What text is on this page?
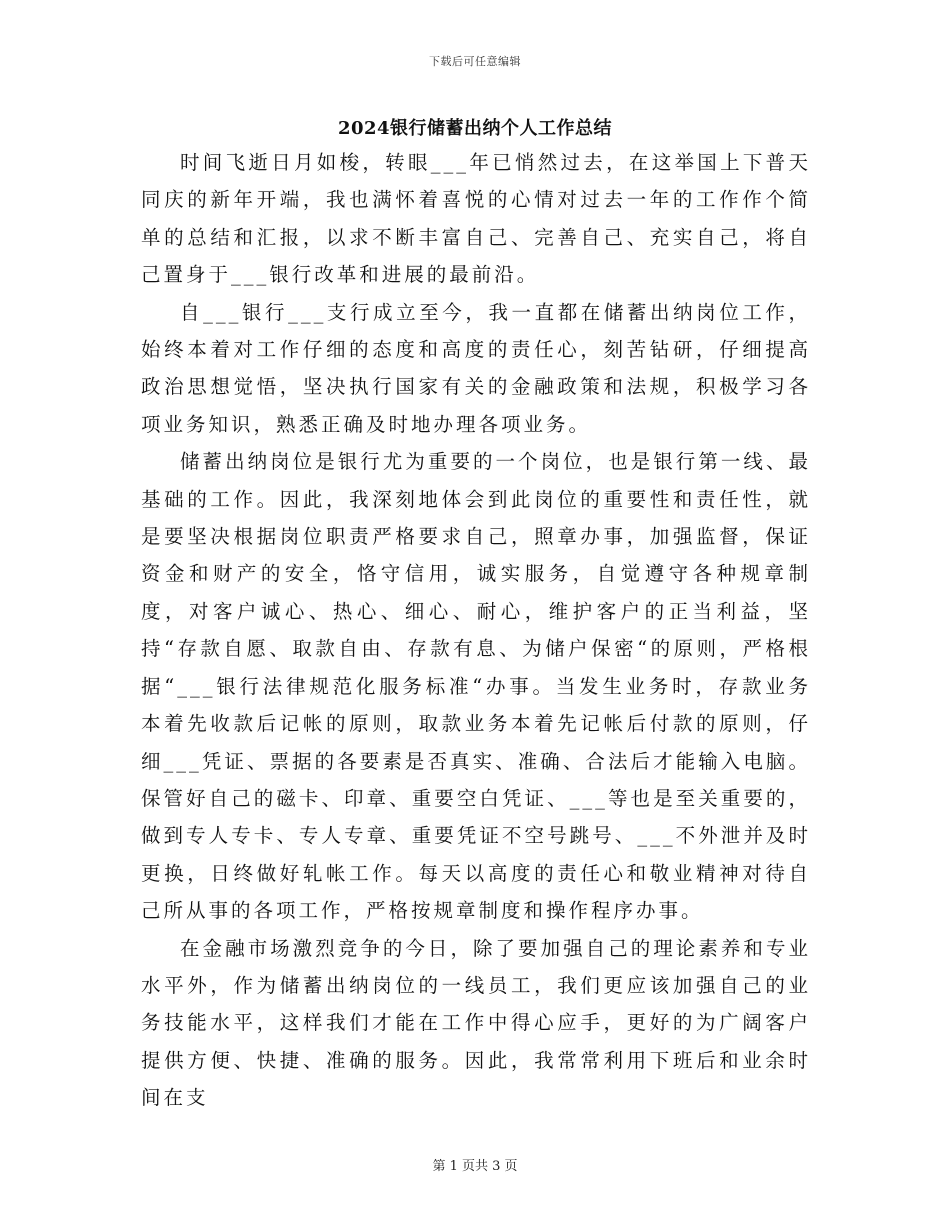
下载后可任意编辑
2024银行储蓄出纳个人工作总结

时间飞逝日月如梭，转眼___年已悄然过去，在这举国上下普天同庆的新年开端，我也满怀着喜悦的心情对过去一年的工作作个简单的总结和汇报，以求不断丰富自己、完善自己、充实自己，将自己置身于___银行改革和进展的最前沿。

自___银行___支行成立至今，我一直都在储蓄出纳岗位工作，始终本着对工作仔细的态度和高度的责任心，刻苦钻研，仔细提高政治思想觉悟，坚决执行国家有关的金融政策和法规，积极学习各项业务知识，熟悉正确及时地办理各项业务。

储蓄出纳岗位是银行尤为重要的一个岗位，也是银行第一线、最基础的工作。因此，我深刻地体会到此岗位的重要性和责任性，就是要坚决根据岗位职责严格要求自己，照章办事，加强监督，保证资金和财产的安全，恪守信用，诚实服务，自觉遵守各种规章制度，对客户诚心、热心、细心、耐心，维护客户的正当利益，坚持“存款自愿、取款自由、存款有息、为储户保密“的原则，严格根据“___银行法律规范化服务标准“办事。当发生业务时，存款业务本着先收款后记帐的原则，取款业务本着先记帐后付款的原则，仔细___凭证、票据的各要素是否真实、准确、合法后才能输入电脑。保管好自己的磁卡、印章、重要空白凭证、___等也是至关重要的，做到专人专卡、专人专章、重要凭证不空号跳号、___不外泄并及时更换，日终做好轧帐工作。每天以高度的责任心和敬业精神对待自己所从事的各项工作，严格按规章制度和操作程序办事。

在金融市场激烈竞争的今日，除了要加强自己的理论素养和专业水平外，作为储蓄出纳岗位的一线员工，我们更应该加强自己的业务技能水平，这样我们才能在工作中得心应手，更好的为广阔客户提供方便、快捷、准确的服务。因此，我常常利用下班后和业余时间在支

第 1 页共 3 页
